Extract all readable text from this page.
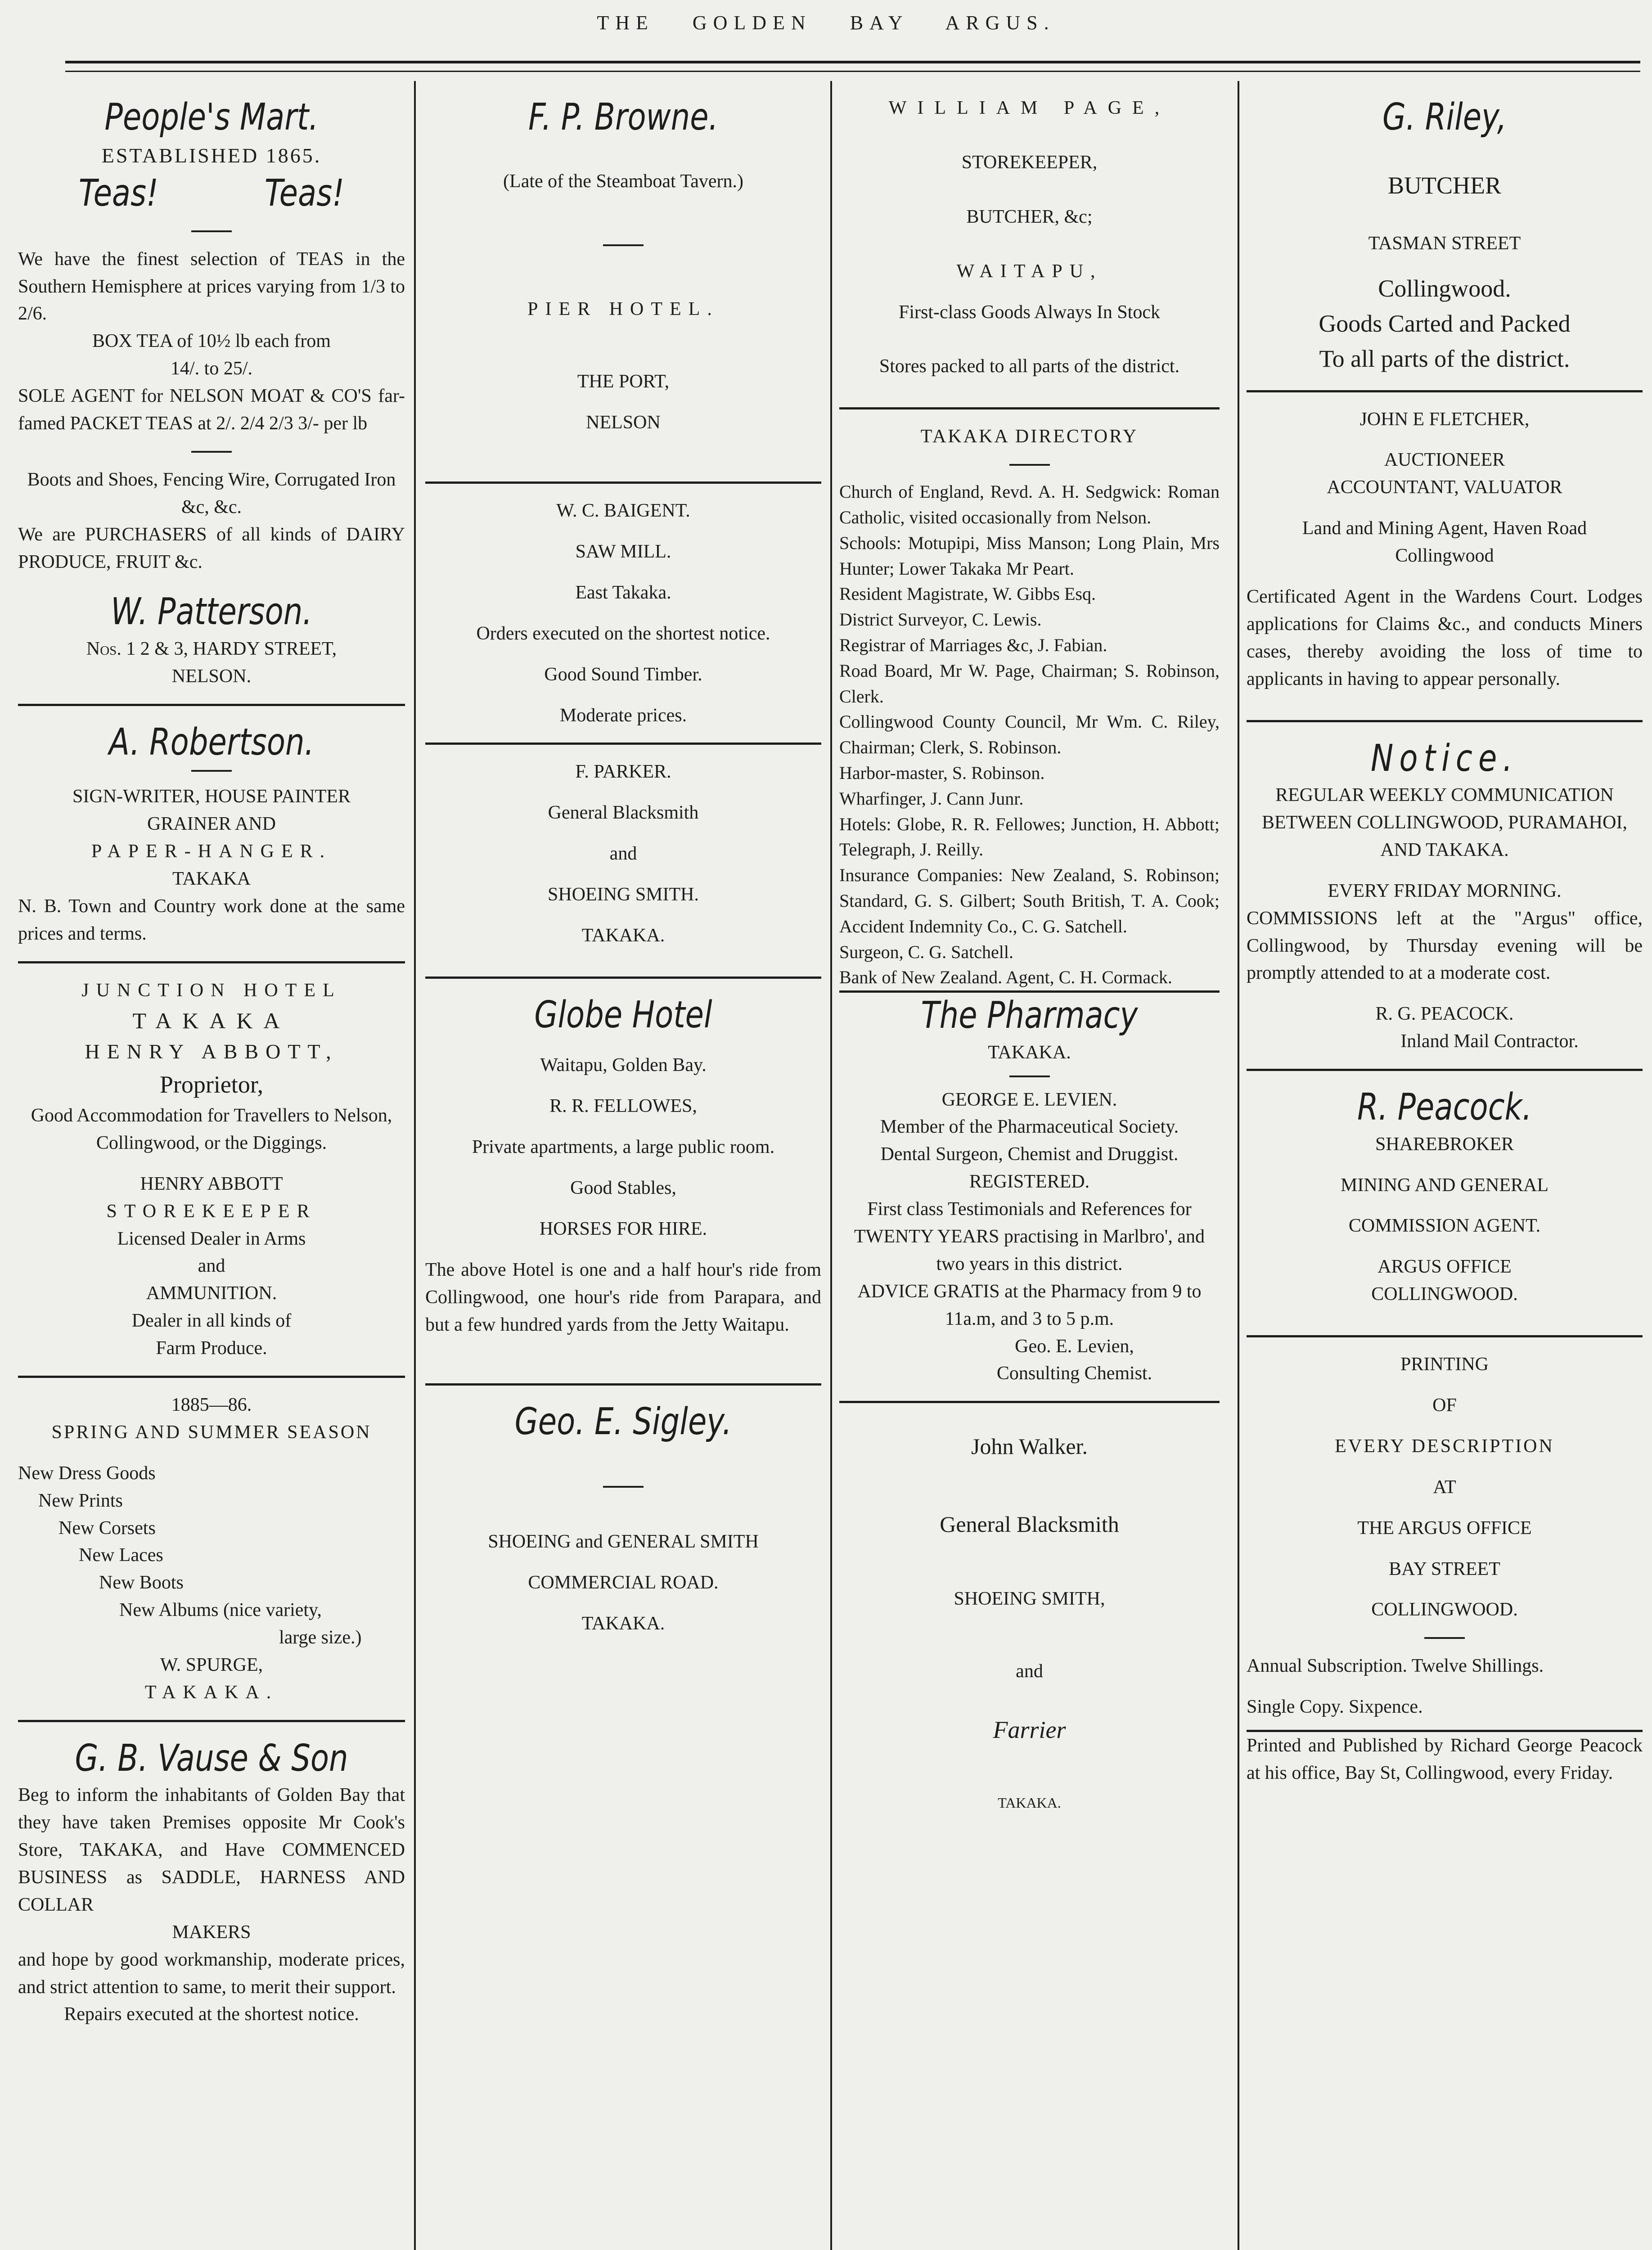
THE GOLDEN BAY ARGUS.

People's Mart.

ESTABLISHED 1865.

Teas!	Teas!

We have the finest selection of TEAS in the Southern Hemisphere at prices varying from 1/3 to 2/6.

BOX TEA of 10½ lb each from

14/. to 25/.

SOLE AGENT for NELSON MOAT & CO'S far-famed PACKET TEAS at 2/. 2/4 2/3 3/- per lb

Boots and Shoes, Fencing Wire, Corrugated Iron &c, &c.

We are PURCHASERS of all kinds of DAIRY PRODUCE, FRUIT &c.

W. Patterson.

Nos. 1 2 & 3, HARDY STREET,

NELSON.

A. Robertson.

SIGN-WRITER, HOUSE PAINTER

GRAINER AND

PAPER-HANGER.

TAKAKA

N. B. Town and Country work done at the same prices and terms.

JUNCTION HOTEL

TAKAKA

HENRY ABBOTT,

Proprietor,

Good Accommodation for Travellers to Nelson, Collingwood, or the Diggings.

HENRY ABBOTT

STOREKEEPER

Licensed Dealer in Arms

and

AMMUNITION.

Dealer in all kinds of

Farm Produce.

1885—86.

SPRING AND SUMMER SEASON

New Dress Goods

New Prints

New Corsets

New Laces

New Boots

New Albums (nice variety,

large size.)

W. SPURGE,

TAKAKA.

G. B. Vause & Son

Beg to inform the inhabitants of Golden Bay that they have taken Premises opposite Mr Cook's Store, TAKAKA, and Have COMMENCED BUSINESS as SADDLE, HARNESS AND COLLAR

MAKERS

and hope by good workmanship, moderate prices, and strict attention to same, to merit their support.

Repairs executed at the shortest notice.

F. P. Browne.

(Late of the Steamboat Tavern.)

PIER HOTEL.

THE PORT,

NELSON

W. C. BAIGENT.

SAW MILL.

East Takaka.

Orders executed on the shortest notice.

Good Sound Timber.

Moderate prices.

F. PARKER.

General Blacksmith

and

SHOEING SMITH.

TAKAKA.

Globe Hotel

Waitapu, Golden Bay.

R. R. FELLOWES,

Private apartments, a large public room.

Good Stables,

HORSES FOR HIRE.

The above Hotel is one and a half hour's ride from Collingwood, one hour's ride from Parapara, and but a few hundred yards from the Jetty Waitapu.

Geo. E. Sigley.

SHOEING and GENERAL SMITH

COMMERCIAL ROAD.

TAKAKA.

WILLIAM PAGE,

STOREKEEPER,

BUTCHER, &c;

WAITAPU,

First-class Goods Always In Stock

Stores packed to all parts of the district.

TAKAKA DIRECTORY

Church of England, Revd. A. H. Sedgwick: Roman Catholic, visited occasionally from Nelson.

Schools: Motupipi, Miss Manson; Long Plain, Mrs Hunter; Lower Takaka Mr Peart.

Resident Magistrate, W. Gibbs Esq.

District Surveyor, C. Lewis.

Registrar of Marriages &c, J. Fabian.

Road Board, Mr W. Page, Chairman; S. Robinson, Clerk.

Collingwood County Council, Mr Wm. C. Riley, Chairman; Clerk, S. Robinson.

Harbor-master, S. Robinson.

Wharfinger, J. Cann Junr.

Hotels: Globe, R. R. Fellowes; Junction, H. Abbott; Telegraph, J. Reilly.

Insurance Companies: New Zealand, S. Robinson; Standard, G. S. Gilbert; South British, T. A. Cook; Accident Indemnity Co., C. G. Satchell.

Surgeon, C. G. Satchell.

Bank of New Zealand. Agent, C. H. Cormack.

The Pharmacy

TAKAKA.

GEORGE E. LEVIEN.

Member of the Pharmaceutical Society.

Dental Surgeon, Chemist and Druggist.

REGISTERED.

First class Testimonials and References for TWENTY YEARS practising in Marlbro', and two years in this district.

ADVICE GRATIS at the Pharmacy from 9 to 11a.m, and 3 to 5 p.m.

Geo. E. Levien,

Consulting Chemist.

John Walker.

General Blacksmith

SHOEING SMITH,

and

Farrier

TAKAKA.

G. Riley,

BUTCHER

TASMAN STREET

Collingwood.

Goods Carted and Packed

To all parts of the district.

JOHN E FLETCHER,

AUCTIONEER

ACCOUNTANT, VALUATOR

Land and Mining Agent, Haven Road

Collingwood

Certificated Agent in the Wardens Court. Lodges applications for Claims &c., and conducts Miners cases, thereby avoiding the loss of time to applicants in having to appear personally.

Notice.

REGULAR WEEKLY COMMUNICATION BETWEEN COLLINGWOOD, PURAMAHOI, AND TAKAKA.

EVERY FRIDAY MORNING.

COMMISSIONS left at the "Argus" office, Collingwood, by Thursday evening will be promptly attended to at a moderate cost.

R. G. PEACOCK.

Inland Mail Contractor.

R. Peacock.

SHAREBROKER

MINING AND GENERAL

COMMISSION AGENT.

ARGUS OFFICE

COLLINGWOOD.

PRINTING

OF

EVERY DESCRIPTION

AT

THE ARGUS OFFICE

BAY STREET

COLLINGWOOD.

Annual Subscription. Twelve Shillings.

Single Copy. Sixpence.

Printed and Published by Richard George Peacock at his office, Bay St, Collingwood, every Friday.
